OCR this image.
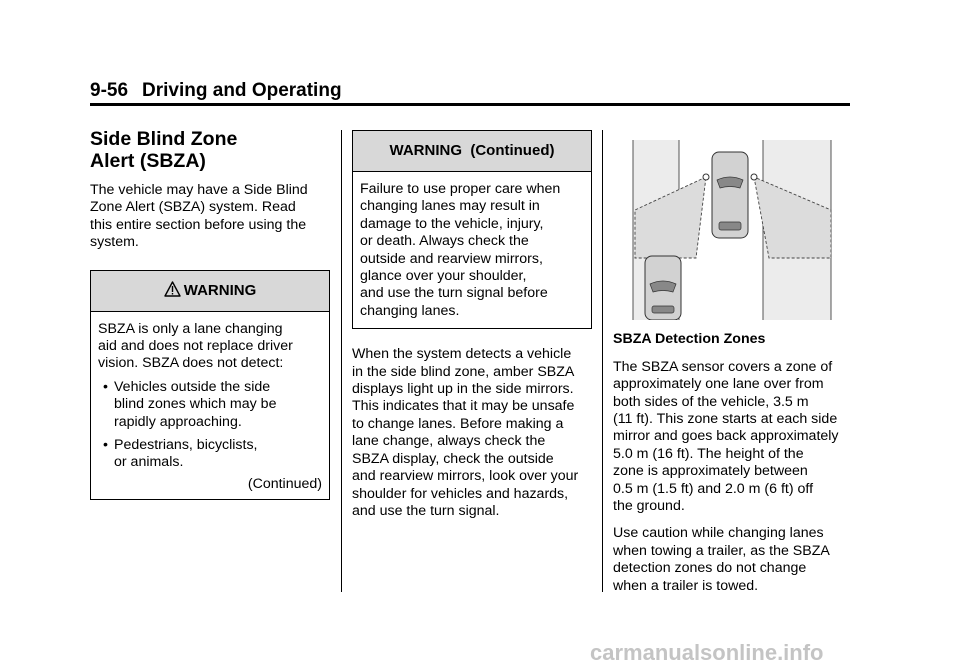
9-56 Driving and Operating
Side Blind Zone
Alert (SBZA)

The vehicle may have a Side Blind
Zone Alert (SBZA) system. Read
this entire section before using the
system.

WARNING

SBZA is only a lane changing
aid and does not replace driver
vision. SBZA does not detect:

• Vehicles outside the side
blind zones which may be
rapidly approaching.
• Pedestrians, bicyclists,
or animals.
(Continued)
WARNING  (Continued)

Failure to use proper care when
changing lanes may result in
damage to the vehicle, injury,
or death. Always check the
outside and rearview mirrors,
glance over your shoulder,
and use the turn signal before
changing lanes.

When the system detects a vehicle
in the side blind zone, amber SBZA
displays light up in the side mirrors.
This indicates that it may be unsafe
to change lanes. Before making a
lane change, always check the
SBZA display, check the outside
and rearview mirrors, look over your
shoulder for vehicles and hazards,
and use the turn signal.

SBZA Detection Zones

The SBZA sensor covers a zone of
approximately one lane over from
both sides of the vehicle, 3.5 m
(11 ft). This zone starts at each side
mirror and goes back approximately
5.0 m (16 ft). The height of the
zone is approximately between
0.5 m (1.5 ft) and 2.0 m (6 ft) off
the ground.

Use caution while changing lanes
when towing a trailer, as the SBZA
detection zones do not change
when a trailer is towed.

carmanualsonline.info
